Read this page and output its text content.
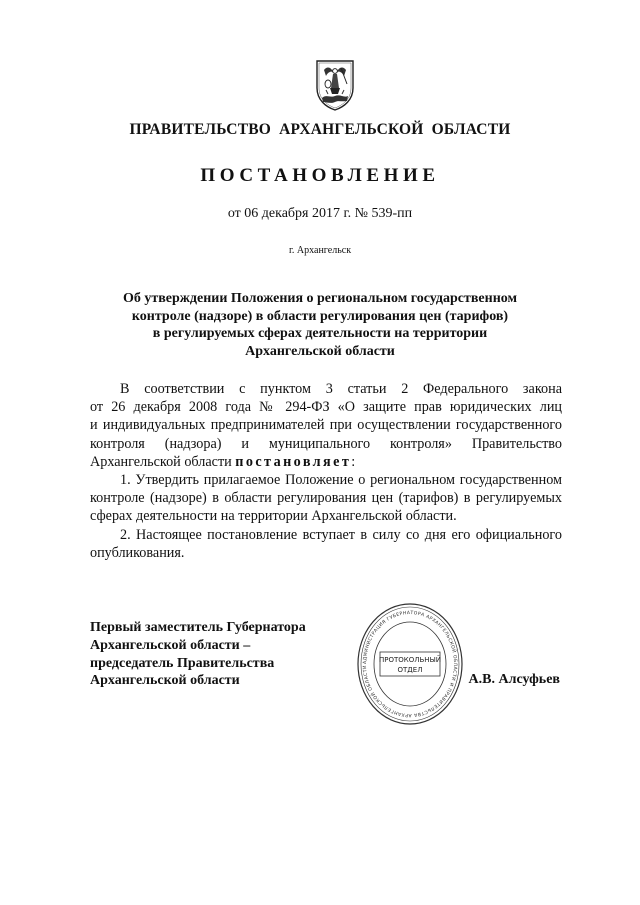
ПРАВИТЕЛЬСТВО АРХАНГЕЛЬСКОЙ ОБЛАСТИ
ПОСТАНОВЛЕНИЕ
от 06 декабря 2017 г. № 539-пп
г. Архангельск
Об утверждении Положения о региональном государственном
контроле (надзоре) в области регулирования цен (тарифов)
в регулируемых сферах деятельности на территории
Архангельской области
В соответствии с пунктом 3 статьи 2 Федерального закона
от 26 декабря 2008 года № 294-ФЗ «О защите прав юридических лиц
и индивидуальных предпринимателей при осуществлении государственного
контроля (надзора) и муниципального контроля» Правительство
Архангельской области постановляет:
1. Утвердить прилагаемое Положение о региональном государственном
контроле (надзоре) в области регулирования цен (тарифов) в регулируемых
сферах деятельности на территории Архангельской области.
2. Настоящее постановление вступает в силу со дня его официального
опубликования.
Первый заместитель Губернатора
Архангельской области –
председатель Правительства
Архангельской области
АДМИНИСТРАЦИЯ ГУБЕРНАТОРА АРХАНГЕЛЬСКОЙ ОБЛАСТИ И ПРАВИТЕЛЬСТВА АРХАНГЕЛЬСКОЙ ОБЛАСТИ
ПРОТОКОЛЬНЫЙ
ОТДЕЛ
А.В. Алсуфьев
